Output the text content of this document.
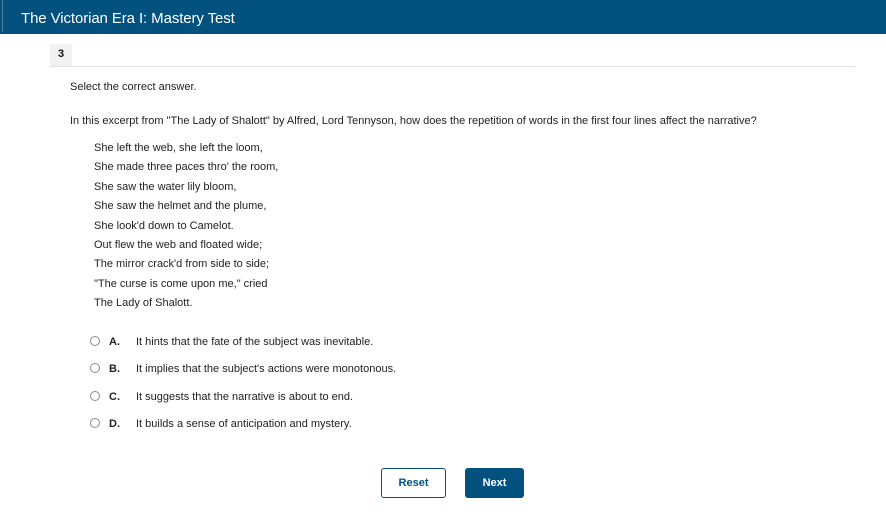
The Victorian Era I: Mastery Test
3
Select the correct answer.
In this excerpt from "The Lady of Shalott" by Alfred, Lord Tennyson, how does the repetition of words in the first four lines affect the narrative?
She left the web, she left the loom,
She made three paces thro' the room,
She saw the water lily bloom,
She saw the helmet and the plume,
She look'd down to Camelot.
Out flew the web and floated wide;
The mirror crack'd from side to side;
"The curse is come upon me," cried
The Lady of Shalott.
A. It hints that the fate of the subject was inevitable.
B. It implies that the subject's actions were monotonous.
C. It suggests that the narrative is about to end.
D. It builds a sense of anticipation and mystery.
Reset	Next
